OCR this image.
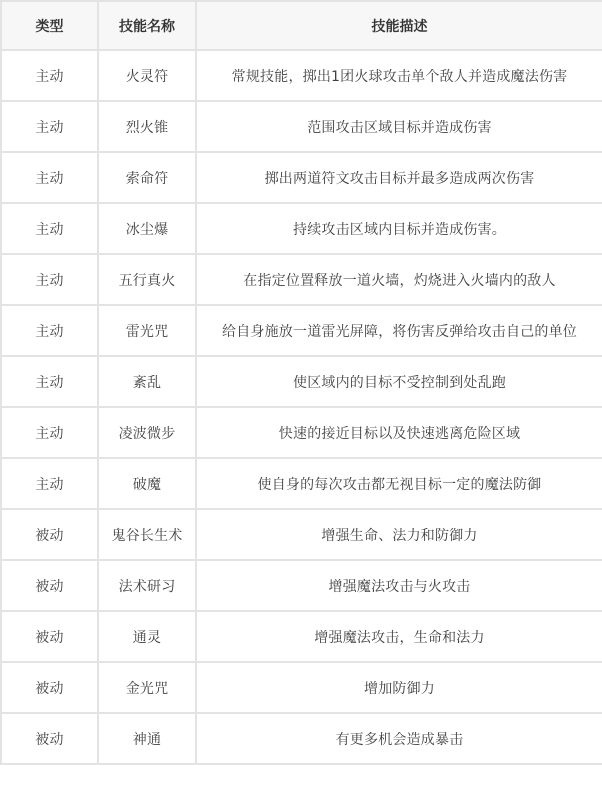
类型	技能名称	技能描述
主动	火灵符	常规技能，掷出1团火球攻击单个敌人并造成魔法伤害
主动	烈火锥	范围攻击区域目标并造成伤害
主动	索命符	掷出两道符文攻击目标并最多造成两次伤害
主动	冰尘爆	持续攻击区域内目标并造成伤害。
主动	五行真火	在指定位置释放一道火墙，灼烧进入火墙内的敌人
主动	雷光咒	给自身施放一道雷光屏障，将伤害反弹给攻击自己的单位
主动	紊乱	使区域内的目标不受控制到处乱跑
主动	凌波微步	快速的接近目标以及快速逃离危险区域
主动	破魔	使自身的每次攻击都无视目标一定的魔法防御
被动	鬼谷长生术	增强生命、法力和防御力
被动	法术研习	增强魔法攻击与火攻击
被动	通灵	增强魔法攻击，生命和法力
被动	金光咒	增加防御力
被动	神通	有更多机会造成暴击
